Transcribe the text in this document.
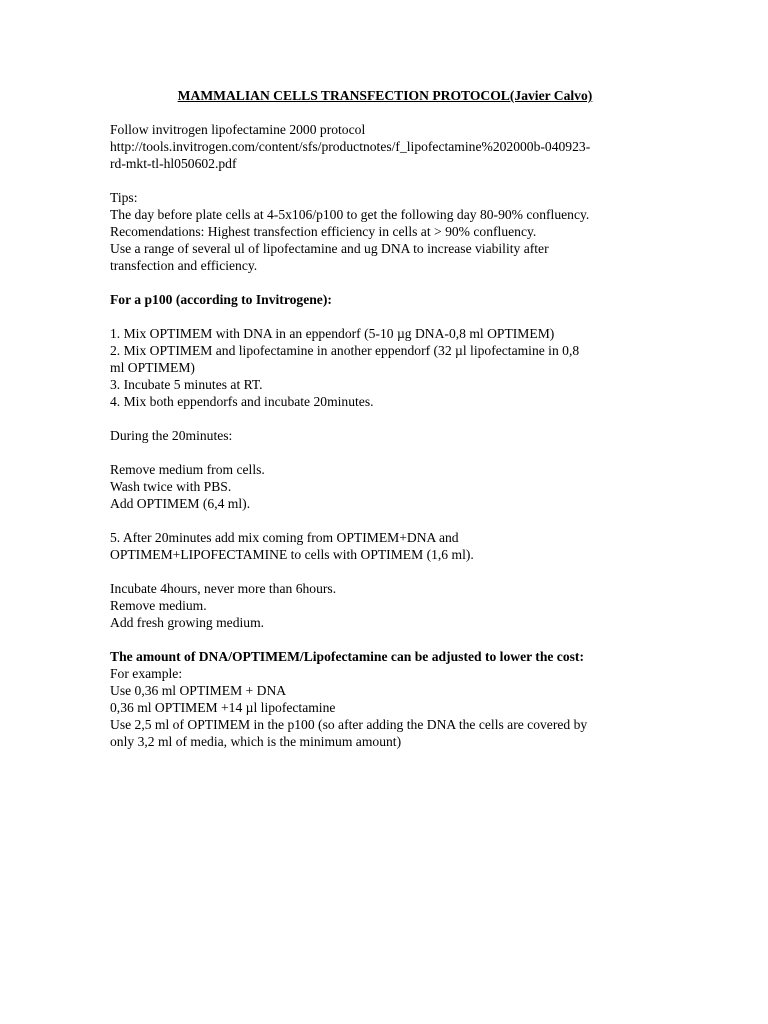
MAMMALIAN CELLS TRANSFECTION PROTOCOL(Javier Calvo)
Follow invitrogen lipofectamine 2000 protocol
http://tools.invitrogen.com/content/sfs/productnotes/f_lipofectamine%202000b-040923-
rd-mkt-tl-hl050602.pdf
Tips:
The day before plate cells at 4-5x106/p100 to get the following day 80-90% confluency.
Recomendations: Highest transfection efficiency in cells at > 90% confluency.
Use a range of several ul of lipofectamine and ug DNA to increase viability after
transfection and efficiency.
For a p100 (according to Invitrogene):
1. Mix OPTIMEM with DNA in an eppendorf (5-10 µg DNA-0,8 ml OPTIMEM)
2. Mix OPTIMEM and lipofectamine in another eppendorf (32 µl lipofectamine in 0,8
ml OPTIMEM)
3. Incubate 5 minutes at RT.
4. Mix both eppendorfs and incubate 20minutes.
During the 20minutes:
Remove medium from cells.
Wash twice with PBS.
Add OPTIMEM (6,4 ml).
5. After 20minutes add mix coming from OPTIMEM+DNA and
OPTIMEM+LIPOFECTAMINE to cells with OPTIMEM (1,6 ml).
Incubate 4hours, never more than 6hours.
Remove medium.
Add fresh growing medium.
The amount of DNA/OPTIMEM/Lipofectamine can be adjusted to lower the cost:
For example:
Use 0,36 ml OPTIMEM + DNA
0,36 ml OPTIMEM +14 µl lipofectamine
Use 2,5 ml of OPTIMEM in the p100 (so after adding the DNA the cells are covered by
only 3,2 ml of media, which is the minimum amount)
